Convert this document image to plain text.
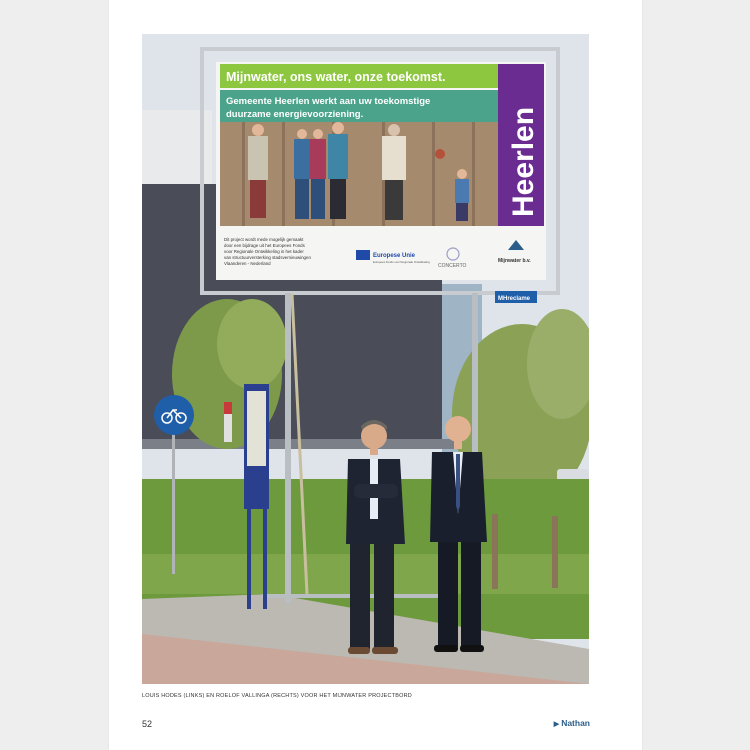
Mijnwater, ons water, onze toekomst.
Gemeente Heerlen werkt aan uw toekomstige
duurzame energievoorziening.	Heerlen
Dit project wordt mede mogelijk gemaakt
door een bijdrage uit het Europees Fonds
voor Regionale Ontwikkeling in het kader
van structuurversterking stadsvernieuwingen
Vlaanderen - Nederland
Europese Unie
Europees Fonds voor Regionale Ontwikkeling
CONCERTO
Mijnwater b.v.
MHreclame
LOUIS HODES (LINKS) EN ROELOF VALLINGA (RECHTS) VOOR HET MIJNWATER PROJECTBORD
52	▶ Nathan
